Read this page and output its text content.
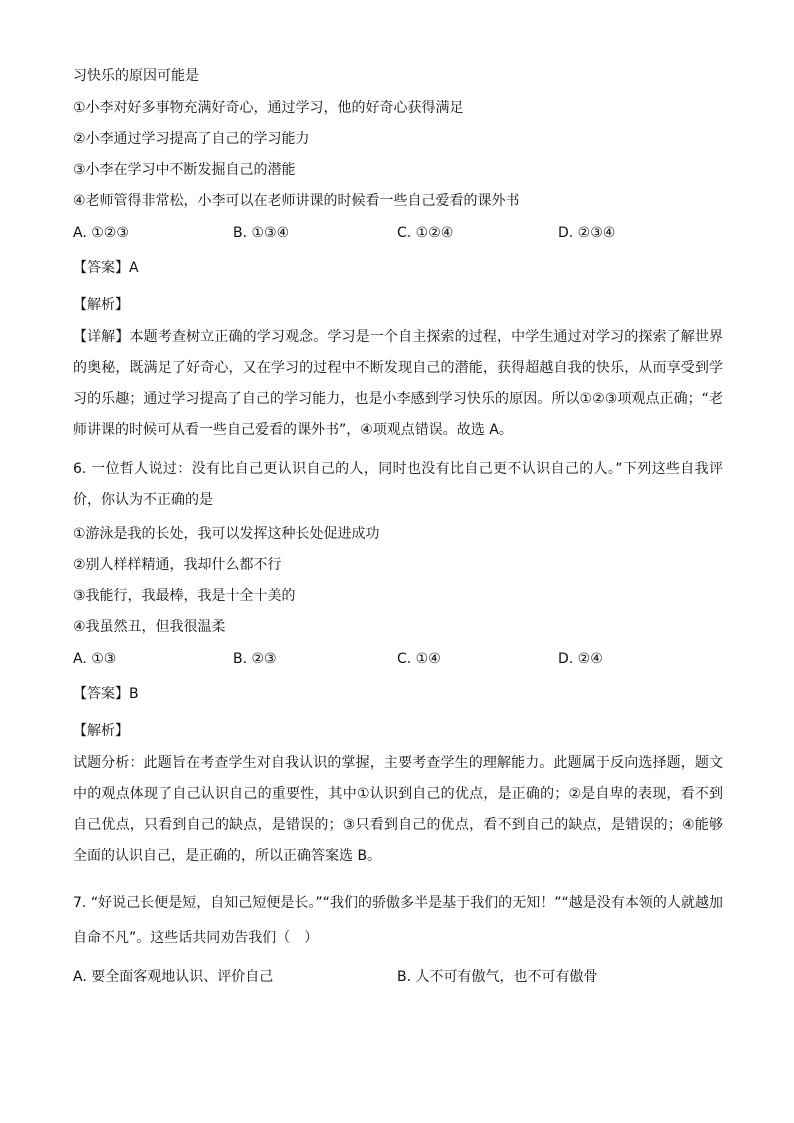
习快乐的原因可能是
①小李对好多事物充满好奇心，通过学习，他的好奇心获得满足
②小李通过学习提高了自己的学习能力
③小李在学习中不断发掘自己的潜能
④老师管得非常松，小李可以在老师讲课的时候看一些自己爱看的课外书
A. ①②③	B. ①③④	C. ①②④	D. ②③④
【答案】A
【解析】
【详解】本题考查树立正确的学习观念。学习是一个自主探索的过程，中学生通过对学习的探索了解世界的奥秘，既满足了好奇心，又在学习的过程中不断发现自己的潜能，获得超越自我的快乐，从而享受到学习的乐趣；通过学习提高了自己的学习能力，也是小李感到学习快乐的原因。所以①②③项观点正确；“老师讲课的时候可从看一些自己爱看的课外书”，④项观点错误。故选 A。
6. 一位哲人说过：没有比自己更认识自己的人，同时也没有比自己更不认识自己的人。”下列这些自我评价，你认为不正确的是
①游泳是我的长处，我可以发挥这种长处促进成功
②别人样样精通，我却什么都不行
③我能行，我最棒，我是十全十美的
④我虽然丑，但我很温柔
A. ①③	B. ②③	C. ①④	D. ②④
【答案】B
【解析】
试题分析：此题旨在考查学生对自我认识的掌握，主要考查学生的理解能力。此题属于反向选择题，题文中的观点体现了自己认识自己的重要性，其中①认识到自己的优点，是正确的；②是自卑的表现，看不到自己优点，只看到自己的缺点，是错误的；③只看到自己的优点，看不到自己的缺点，是错误的；④能够全面的认识自己，是正确的，所以正确答案选 B。
7. “好说己长便是短，自知己短便是长。”“我们的骄傲多半是基于我们的无知！”“越是没有本领的人就越加自命不凡”。这些话共同劝告我们（　）
A. 要全面客观地认识、评价自己	B. 人不可有傲气，也不可有傲骨
